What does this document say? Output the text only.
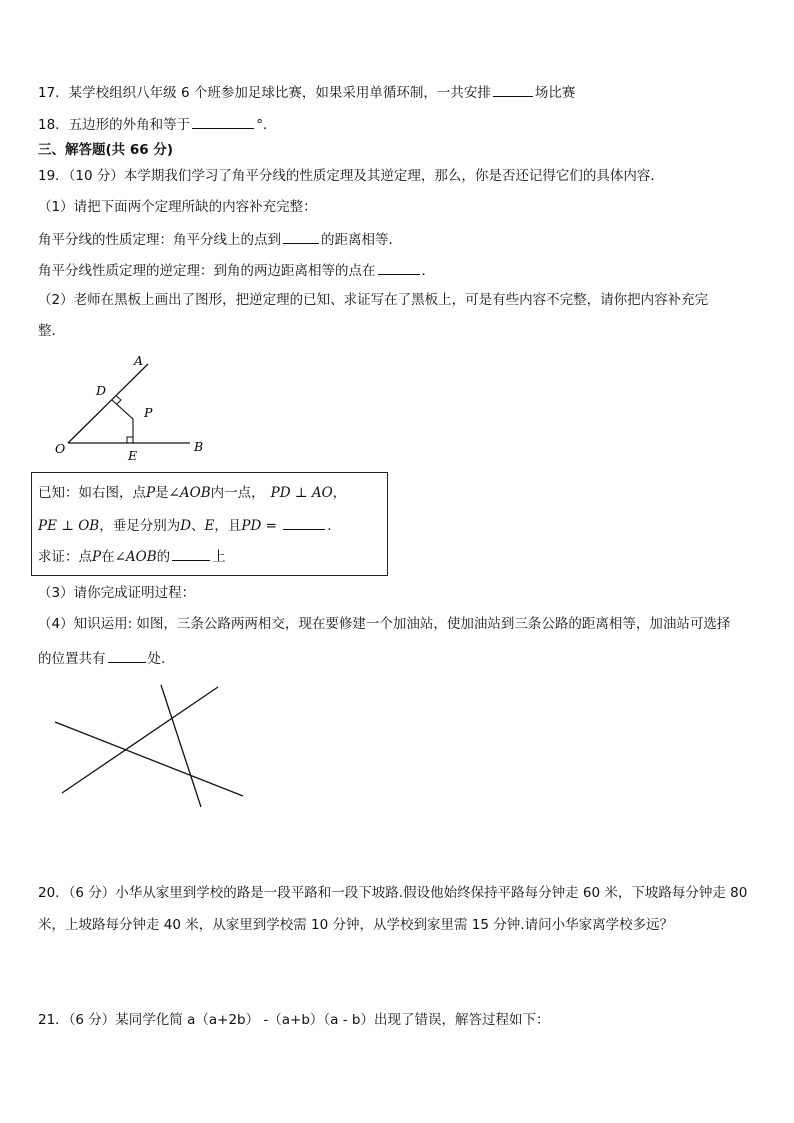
17．某学校组织八年级 6 个班参加足球比赛，如果采用单循环制，一共安排	场比赛
18．五边形的外角和等于	°．
三、解答题(共 66 分)
19．（10 分）本学期我们学习了角平分线的性质定理及其逆定理，那么，你是否还记得它们的具体内容．
（1）请把下面两个定理所缺的内容补充完整：
角平分线的性质定理：角平分线上的点到	的距离相等．
角平分线性质定理的逆定理：到角的两边距离相等的点在	．
（2）老师在黑板上画出了图形，把逆定理的已知、求证写在了黑板上，可是有些内容不完整，请你把内容补充完
整．
A
B
D
P
O	E
已知：如右图，点P是∠AOB内一点， PD ⊥ AO，
PE ⊥ OB，垂足分别为D、E，且PD =	．
求证：点P在∠AOB的	上
（3）请你完成证明过程：
（4）知识运用: 如图，三条公路两两相交，现在要修建一个加油站，使加油站到三条公路的距离相等，加油站可选择
的位置共有	处．
20．（6 分）小华从家里到学校的路是一段平路和一段下坡路.假设他始终保持平路每分钟走 60 米，下坡路每分钟走 80
米，上坡路每分钟走 40 米，从家里到学校需 10 分钟，从学校到家里需 15 分钟.请问小华家离学校多远？
21．（6 分）某同学化简 a（a+2b） -（a+b）（a - b）出现了错误，解答过程如下：
